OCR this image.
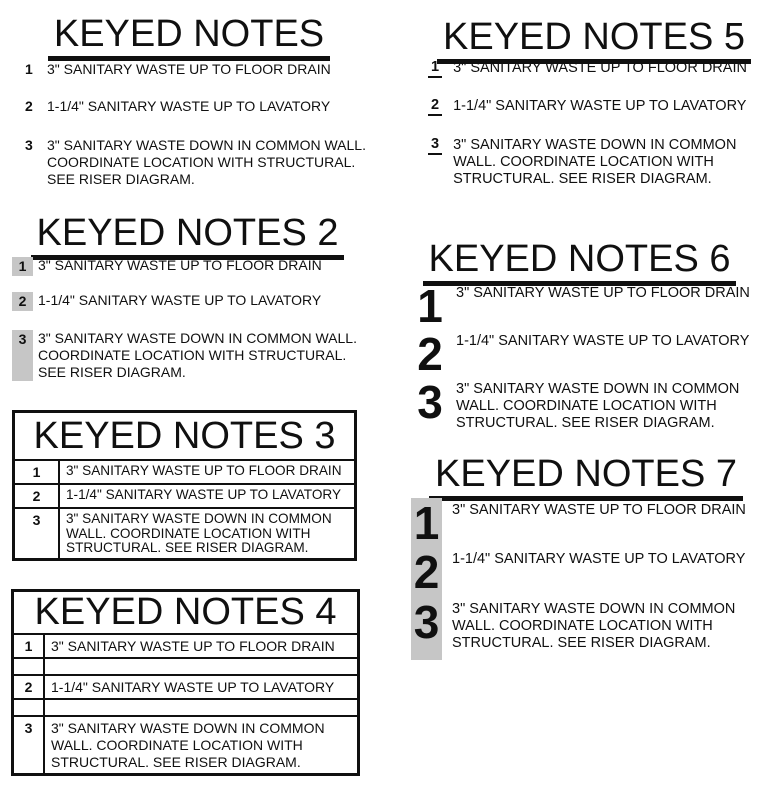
KEYED NOTES
1	3" SANITARY WASTE UP TO FLOOR DRAIN
2	1-1/4" SANITARY WASTE UP TO LAVATORY
3	3" SANITARY WASTE DOWN IN COMMON WALL. COORDINATE LOCATION WITH STRUCTURAL. SEE RISER DIAGRAM.
KEYED NOTES 2
1 3" SANITARY WASTE UP TO FLOOR DRAIN
2 1-1/4" SANITARY WASTE UP TO LAVATORY
3 3" SANITARY WASTE DOWN IN COMMON WALL. COORDINATE LOCATION WITH STRUCTURAL. SEE RISER DIAGRAM.
KEYED NOTES 3
1	3" SANITARY WASTE UP TO FLOOR DRAIN
2	1-1/4" SANITARY WASTE UP TO LAVATORY
3	3" SANITARY WASTE DOWN IN COMMON WALL. COORDINATE LOCATION WITH STRUCTURAL. SEE RISER DIAGRAM.
KEYED NOTES 4
1	3" SANITARY WASTE UP TO FLOOR DRAIN
2	1-1/4" SANITARY WASTE UP TO LAVATORY
3	3" SANITARY WASTE DOWN IN COMMON WALL. COORDINATE LOCATION WITH STRUCTURAL. SEE RISER DIAGRAM.
KEYED NOTES 5
1 3" SANITARY WASTE UP TO FLOOR DRAIN
2 1-1/4" SANITARY WASTE UP TO LAVATORY
3 3" SANITARY WASTE DOWN IN COMMON WALL. COORDINATE LOCATION WITH STRUCTURAL. SEE RISER DIAGRAM.
KEYED NOTES 6
1 3" SANITARY WASTE UP TO FLOOR DRAIN
2 1-1/4" SANITARY WASTE UP TO LAVATORY
3 3" SANITARY WASTE DOWN IN COMMON WALL. COORDINATE LOCATION WITH STRUCTURAL. SEE RISER DIAGRAM.
KEYED NOTES 7
1 3" SANITARY WASTE UP TO FLOOR DRAIN
2 1-1/4" SANITARY WASTE UP TO LAVATORY
3 3" SANITARY WASTE DOWN IN COMMON WALL. COORDINATE LOCATION WITH STRUCTURAL. SEE RISER DIAGRAM.
